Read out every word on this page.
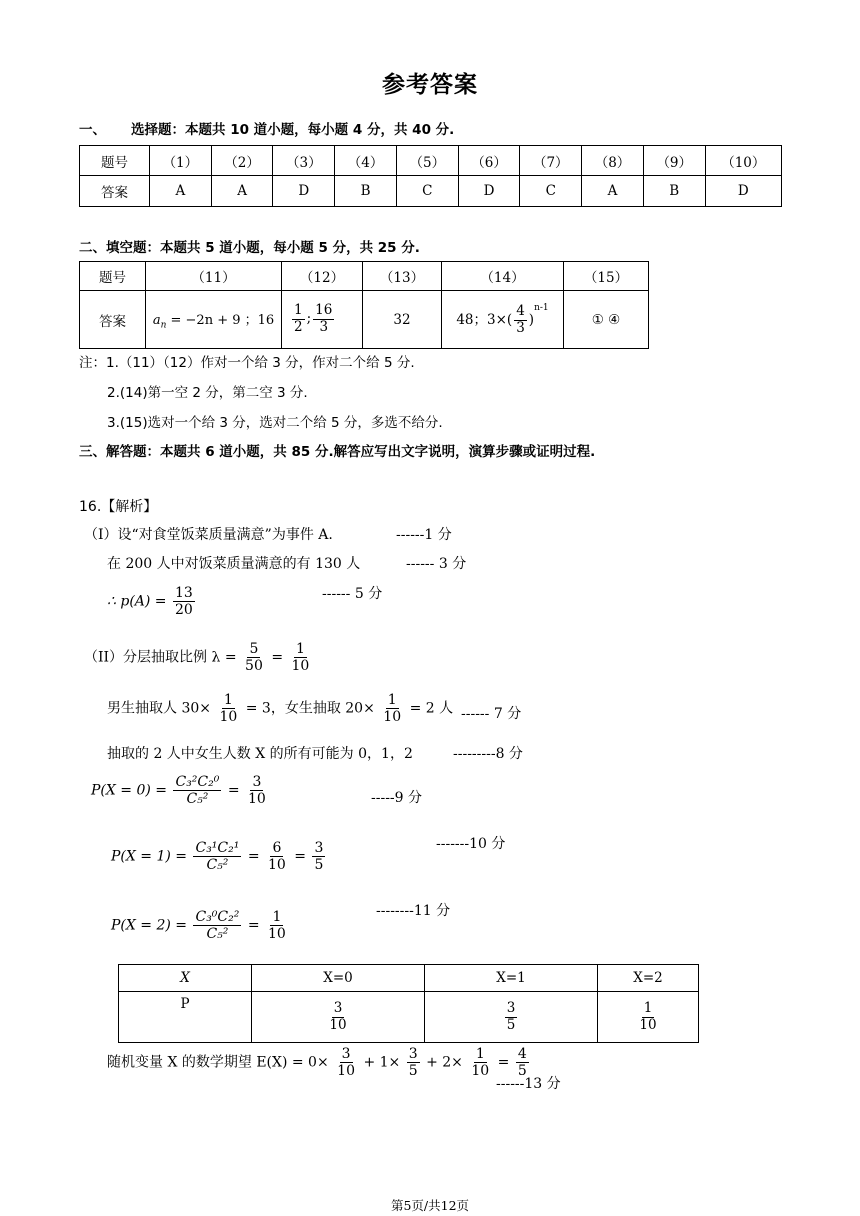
参考答案
一、 选择题：本题共 10 道小题，每小题 4 分，共 40 分.
题号	（1）	（2）	（3）	（4）	（5）	（6）	（7）	（8）	（9）	（10）
答案	A	A	D	B	C	D	C	A	B	D
二、填空题：本题共 5 道小题，每小题 5 分，共 25 分.
题号	（11）	（12）	（13）	（14）	（15）
答案	$a_n = -2n + 9$ ；16	$\frac{1}{2}$ ; $\frac{16}{3}$	32	48；$3\times( \frac{4}{3} )^{n-1}$	① ④
注：1.（11）（12）作对一个给 3 分，作对二个给 5 分.
2.(14)第一空 2 分，第二空 3 分.
3.(15)选对一个给 3 分，选对二个给 5 分，多选不给分.
三、解答题：本题共 6 道小题，共 85 分.解答应写出文字说明，演算步骤或证明过程.
16.【解析】
（I）设“对食堂饭菜质量满意”为事件 A.	------1 分
在 200 人中对饭菜质量满意的有 130 人	------ 3 分
∴ $p(A) = \frac{13}{20}$	------ 5 分
（II）分层抽取比例 $\lambda = \frac{5}{50} = \frac{1}{10}$
男生抽取人 $30\times \frac{1}{10} = 3$，女生抽取 $20\times \frac{1}{10} = 2$ 人 ------ 7 分
抽取的 2 人中女生人数 X 的所有可能为 0，1，2	---------8 分
$P(X = 0) = \frac{\text{C₃²C₂⁰}}{\text{C₅²}} = \frac{3}{10}$	-----9 分
$P(X = 1) = \frac{\text{C₃¹C₂¹}}{\text{C₅²}} = \frac{6}{10} = \frac{3}{5}$	-------10 分
$P(X = 2) = \frac{\text{C₃⁰C₂²}}{\text{C₅²}} = \frac{1}{10}$	--------11 分
X	X=0	X=1	X=2
P	$\frac{3}{10}$	$\frac{3}{5}$	$\frac{1}{10}$
随机变量 X 的数学期望 $E(X) = 0\times \frac{3}{10} + 1\times \frac{3}{5} + 2\times \frac{1}{10} = \frac{4}{5}$
------13 分
第5页/共12页
